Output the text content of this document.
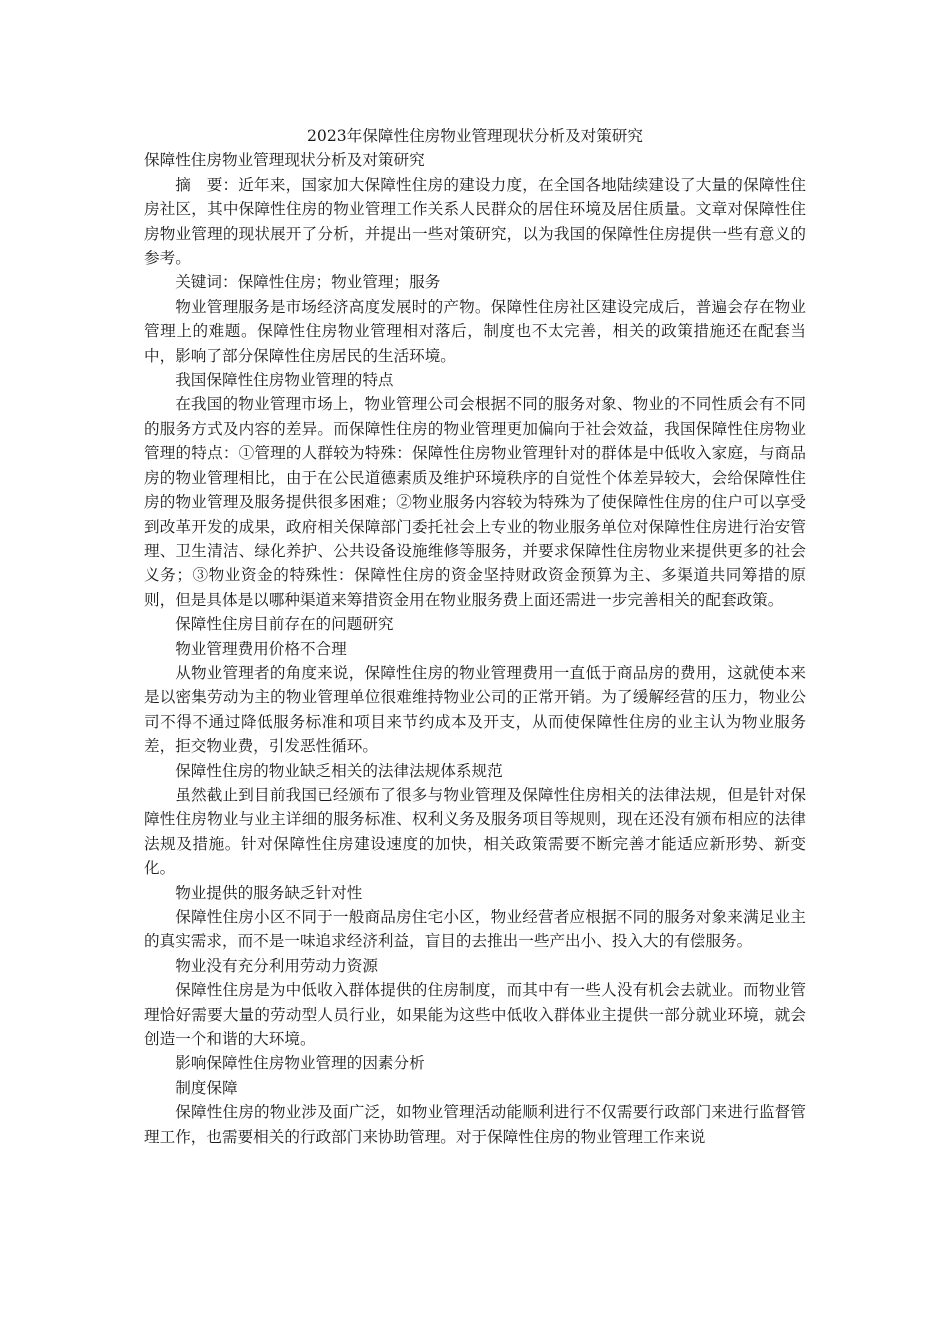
2023年保障性住房物业管理现状分析及对策研究

保障性住房物业管理现状分析及对策研究

摘　要：近年来，国家加大保障性住房的建设力度，在全国各地陆续建设了大量的保障性住房社区，其中保障性住房的物业管理工作关系人民群众的居住环境及居住质量。文章对保障性住房物业管理的现状展开了分析，并提出一些对策研究，以为我国的保障性住房提供一些有意义的参考。

关键词：保障性住房；物业管理；服务

物业管理服务是市场经济高度发展时的产物。保障性住房社区建设完成后，普遍会存在物业管理上的难题。保障性住房物业管理相对落后，制度也不太完善，相关的政策措施还在配套当中，影响了部分保障性住房居民的生活环境。

我国保障性住房物业管理的特点

在我国的物业管理市场上，物业管理公司会根据不同的服务对象、物业的不同性质会有不同的服务方式及内容的差异。而保障性住房的物业管理更加偏向于社会效益，我国保障性住房物业管理的特点：①管理的人群较为特殊：保障性住房物业管理针对的群体是中低收入家庭，与商品房的物业管理相比，由于在公民道德素质及维护环境秩序的自觉性个体差异较大，会给保障性住房的物业管理及服务提供很多困难；②物业服务内容较为特殊为了使保障性住房的住户可以享受到改革开发的成果，政府相关保障部门委托社会上专业的物业服务单位对保障性住房进行治安管理、卫生清洁、绿化养护、公共设备设施维修等服务，并要求保障性住房物业来提供更多的社会义务；③物业资金的特殊性：保障性住房的资金坚持财政资金预算为主、多渠道共同筹措的原则，但是具体是以哪种渠道来筹措资金用在物业服务费上面还需进一步完善相关的配套政策。

保障性住房目前存在的问题研究

物业管理费用价格不合理

从物业管理者的角度来说，保障性住房的物业管理费用一直低于商品房的费用，这就使本来是以密集劳动为主的物业管理单位很难维持物业公司的正常开销。为了缓解经营的压力，物业公司不得不通过降低服务标准和项目来节约成本及开支，从而使保障性住房的业主认为物业服务差，拒交物业费，引发恶性循环。

保障性住房的物业缺乏相关的法律法规体系规范

虽然截止到目前我国已经颁布了很多与物业管理及保障性住房相关的法律法规，但是针对保障性住房物业与业主详细的服务标准、权利义务及服务项目等规则，现在还没有颁布相应的法律法规及措施。针对保障性住房建设速度的加快，相关政策需要不断完善才能适应新形势、新变化。

物业提供的服务缺乏针对性

保障性住房小区不同于一般商品房住宅小区，物业经营者应根据不同的服务对象来满足业主的真实需求，而不是一味追求经济利益，盲目的去推出一些产出小、投入大的有偿服务。

物业没有充分利用劳动力资源

保障性住房是为中低收入群体提供的住房制度，而其中有一些人没有机会去就业。而物业管理恰好需要大量的劳动型人员行业，如果能为这些中低收入群体业主提供一部分就业环境，就会创造一个和谐的大环境。

影响保障性住房物业管理的因素分析

制度保障

保障性住房的物业涉及面广泛，如物业管理活动能顺利进行不仅需要行政部门来进行监督管理工作，也需要相关的行政部门来协助管理。对于保障性住房的物业管理工作来说
